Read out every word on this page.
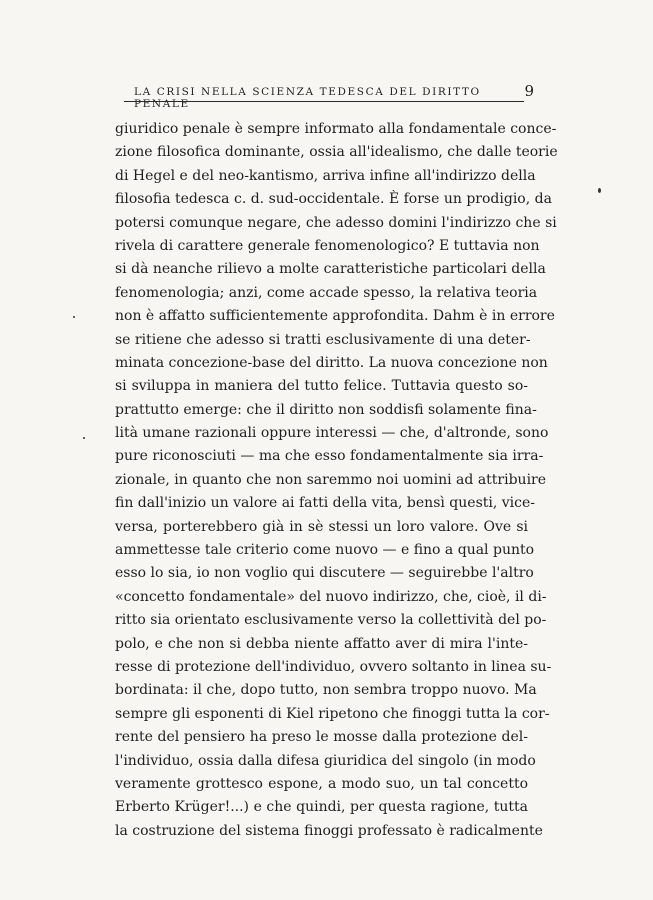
LA CRISI NELLA SCIENZA TEDESCA DEL DIRITTO PENALE
9
giuridico penale è sempre informato alla fondamentale conce-
zione filosofica dominante, ossia all'idealismo, che dalle teorie
di Hegel e del neo-kantismo, arriva infine all'indirizzo della
filosofia tedesca c. d. sud-occidentale. È forse un prodigio, da
potersi comunque negare, che adesso domini l'indirizzo che si
rivela di carattere generale fenomenologico? E tuttavia non
si dà neanche rilievo a molte caratteristiche particolari della
fenomenologia; anzi, come accade spesso, la relativa teoria
non è affatto sufficientemente approfondita. Dahm è in errore
se ritiene che adesso si tratti esclusivamente di una deter-
minata concezione-base del diritto. La nuova concezione non
si sviluppa in maniera del tutto felice. Tuttavia questo so-
prattutto emerge: che il diritto non soddisfi solamente fina-
lità umane razionali oppure interessi — che, d'altronde, sono
pure riconosciuti — ma che esso fondamentalmente sia irra-
zionale, in quanto che non saremmo noi uomini ad attribuire
fin dall'inizio un valore ai fatti della vita, bensì questi, vice-
versa, porterebbero già in sè stessi un loro valore. Ove si
ammettesse tale criterio come nuovo — e fino a qual punto
esso lo sia, io non voglio qui discutere — seguirebbe l'altro
«concetto fondamentale» del nuovo indirizzo, che, cioè, il di-
ritto sia orientato esclusivamente verso la collettività del po-
polo, e che non si debba niente affatto aver di mira l'inte-
resse di protezione dell'individuo, ovvero soltanto in linea su-
bordinata: il che, dopo tutto, non sembra troppo nuovo. Ma
sempre gli esponenti di Kiel ripetono che finoggi tutta la cor-
rente del pensiero ha preso le mosse dalla protezione del-
l'individuo, ossia dalla difesa giuridica del singolo (in modo
veramente grottesco espone, a modo suo, un tal concetto
Erberto Krüger!...) e che quindi, per questa ragione, tutta
la costruzione del sistema finoggi professato è radicalmente
